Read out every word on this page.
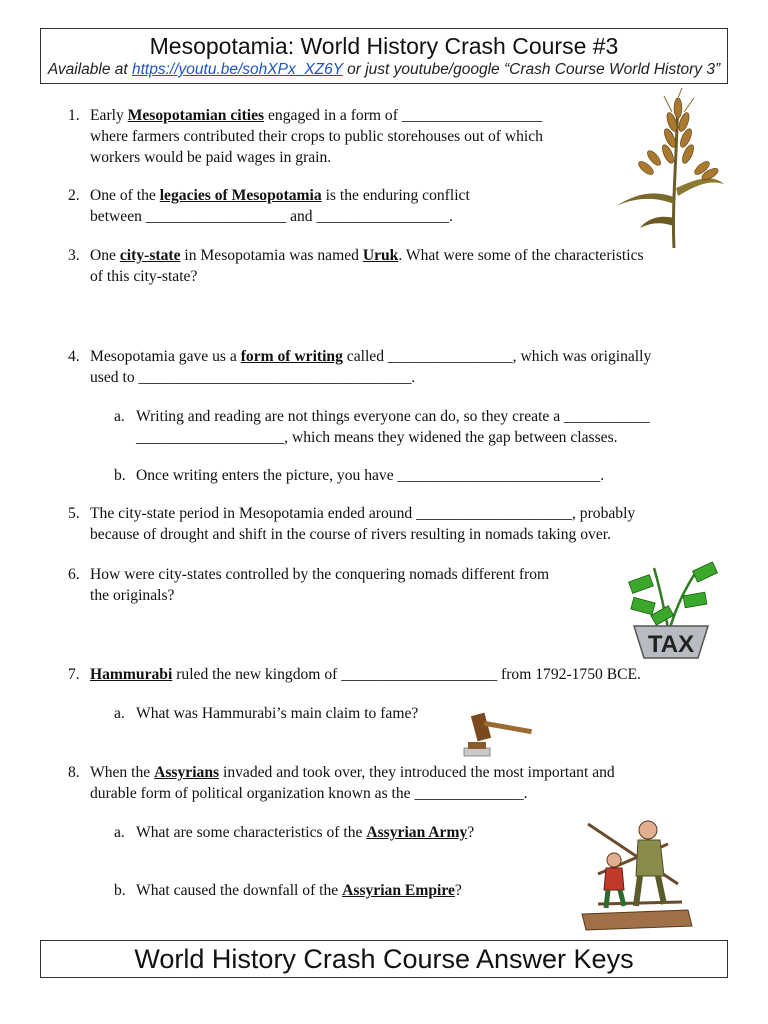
Mesopotamia: World History Crash Course #3
Available at https://youtu.be/sohXPx_XZ6Y or just youtube/google “Crash Course World History 3”
1. Early Mesopotamian cities engaged in a form of __________________
where farmers contributed their crops to public storehouses out of which
workers would be paid wages in grain.
2. One of the legacies of Mesopotamia is the enduring conflict
between __________________ and _________________.
3. One city-state in Mesopotamia was named Uruk. What were some of the characteristics
of this city-state?
4. Mesopotamia gave us a form of writing called ________________, which was originally
used to ___________________________________.
a. Writing and reading are not things everyone can do, so they create a ___________
___________________, which means they widened the gap between classes.
b. Once writing enters the picture, you have __________________________.
5. The city-state period in Mesopotamia ended around ____________________, probably
because of drought and shift in the course of rivers resulting in nomads taking over.
6. How were city-states controlled by the conquering nomads different from
the originals?
7. Hammurabi ruled the new kingdom of ____________________ from 1792-1750 BCE.
a. What was Hammurabi’s main claim to fame?
8. When the Assyrians invaded and took over, they introduced the most important and
durable form of political organization known as the ______________.
a. What are some characteristics of the Assyrian Army?
b. What caused the downfall of the Assyrian Empire?
TAX
World History Crash Course Answer Keys
